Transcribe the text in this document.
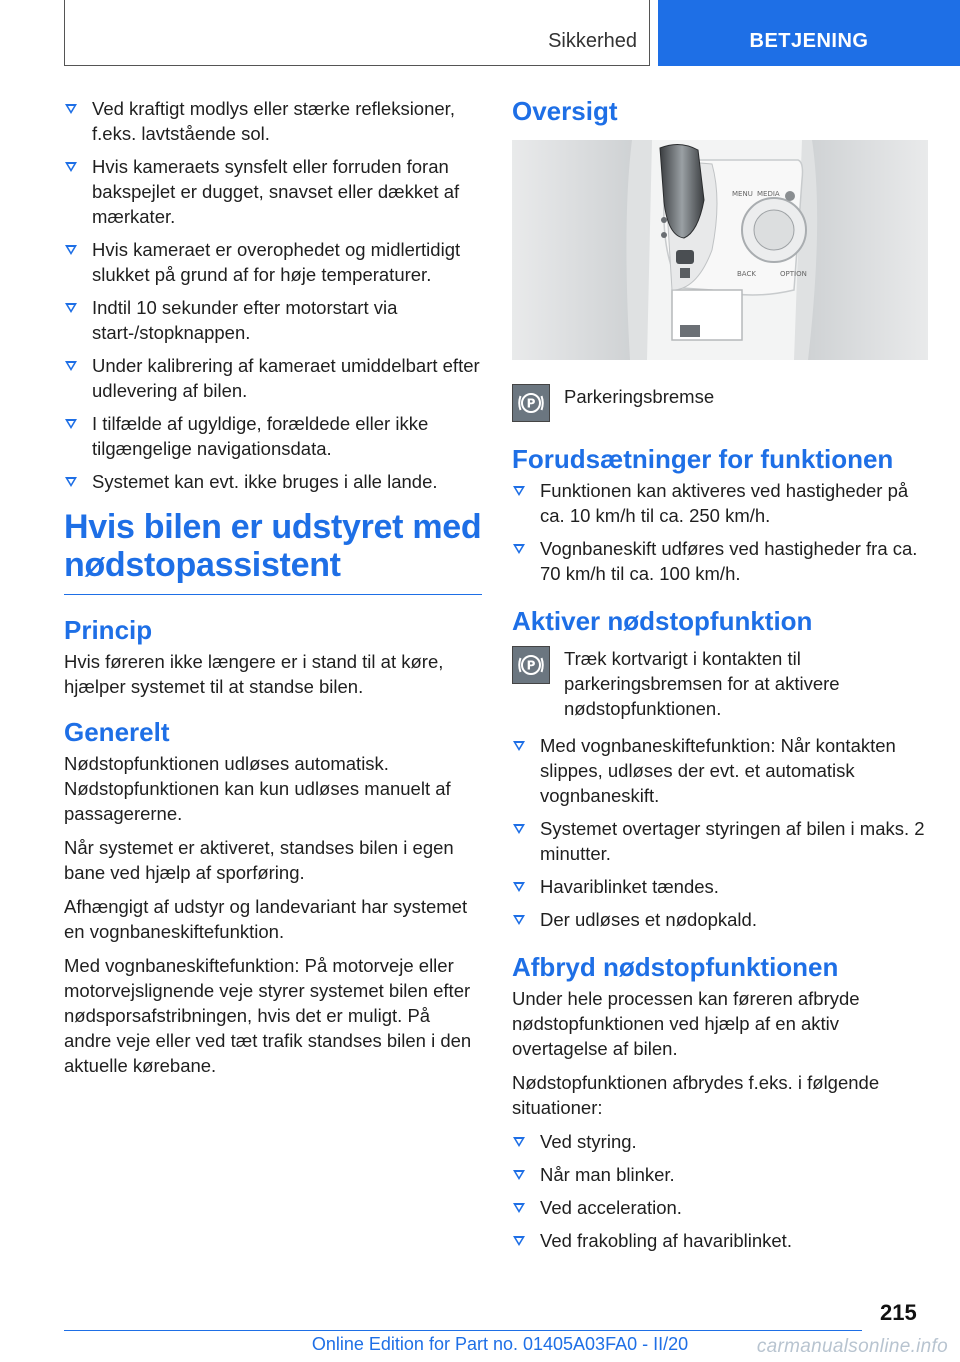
Sikkerhed	BETJENING
Ved kraftigt modlys eller stærke refleksioner, f.eks. lavtstående sol.
Hvis kameraets synsfelt eller forruden foran bakspejlet er dugget, snavset eller dækket af mærkater.
Hvis kameraet er overophedet og midlertidigt slukket på grund af for høje temperaturer.
Indtil 10 sekunder efter motorstart via start-/stopknappen.
Under kalibrering af kameraet umiddelbart efter udlevering af bilen.
I tilfælde af ugyldige, forældede eller ikke tilgængelige navigationsdata.
Systemet kan evt. ikke bruges i alle lande.
Hvis bilen er udstyret med nødstopassistent
Princip

Hvis føreren ikke længere er i stand til at køre, hjælper systemet til at standse bilen.

Generelt

Nødstopfunktionen udløses automatisk. Nødstopfunktionen kan kun udløses manuelt af passagererne.

Når systemet er aktiveret, standses bilen i egen bane ved hjælp af sporføring.

Afhængigt af udstyr og landevariant har systemet en vognbaneskiftefunktion.

Med vognbaneskiftefunktion: På motorveje eller motorvejslignende veje styrer systemet bilen efter nødsporsafstribningen, hvis det er muligt. På andre veje eller ved tæt trafik standses bilen i den aktuelle kørebane.

Oversigt
MENU MEDIA
BACK	OPTION
P Parkeringsbremse
Forudsætninger for funktionen
Funktionen kan aktiveres ved hastigheder på ca. 10 km/h til ca. 250 km/h.
Vognbaneskift udføres ved hastigheder fra ca. 70 km/h til ca. 100 km/h.
Aktiver nødstopfunktion
P Træk kortvarigt i kontakten til parkeringsbremsen for at aktivere nødstopfunktionen.
Med vognbaneskiftefunktion: Når kontakten slippes, udløses der evt. et automatisk vognbaneskift.
Systemet overtager styringen af bilen i maks. 2 minutter.
Havariblinket tændes.
Der udløses et nødopkald.
Afbryd nødstopfunktionen

Under hele processen kan føreren afbryde nødstopfunktionen ved hjælp af en aktiv overtagelse af bilen.

Nødstopfunktionen afbrydes f.eks. i følgende situationer:

Ved styring.
Når man blinker.
Ved acceleration.
Ved frakobling af havariblinket.
215
Online Edition for Part no. 01405A03FA0 - II/20	carmanualsonline.info
